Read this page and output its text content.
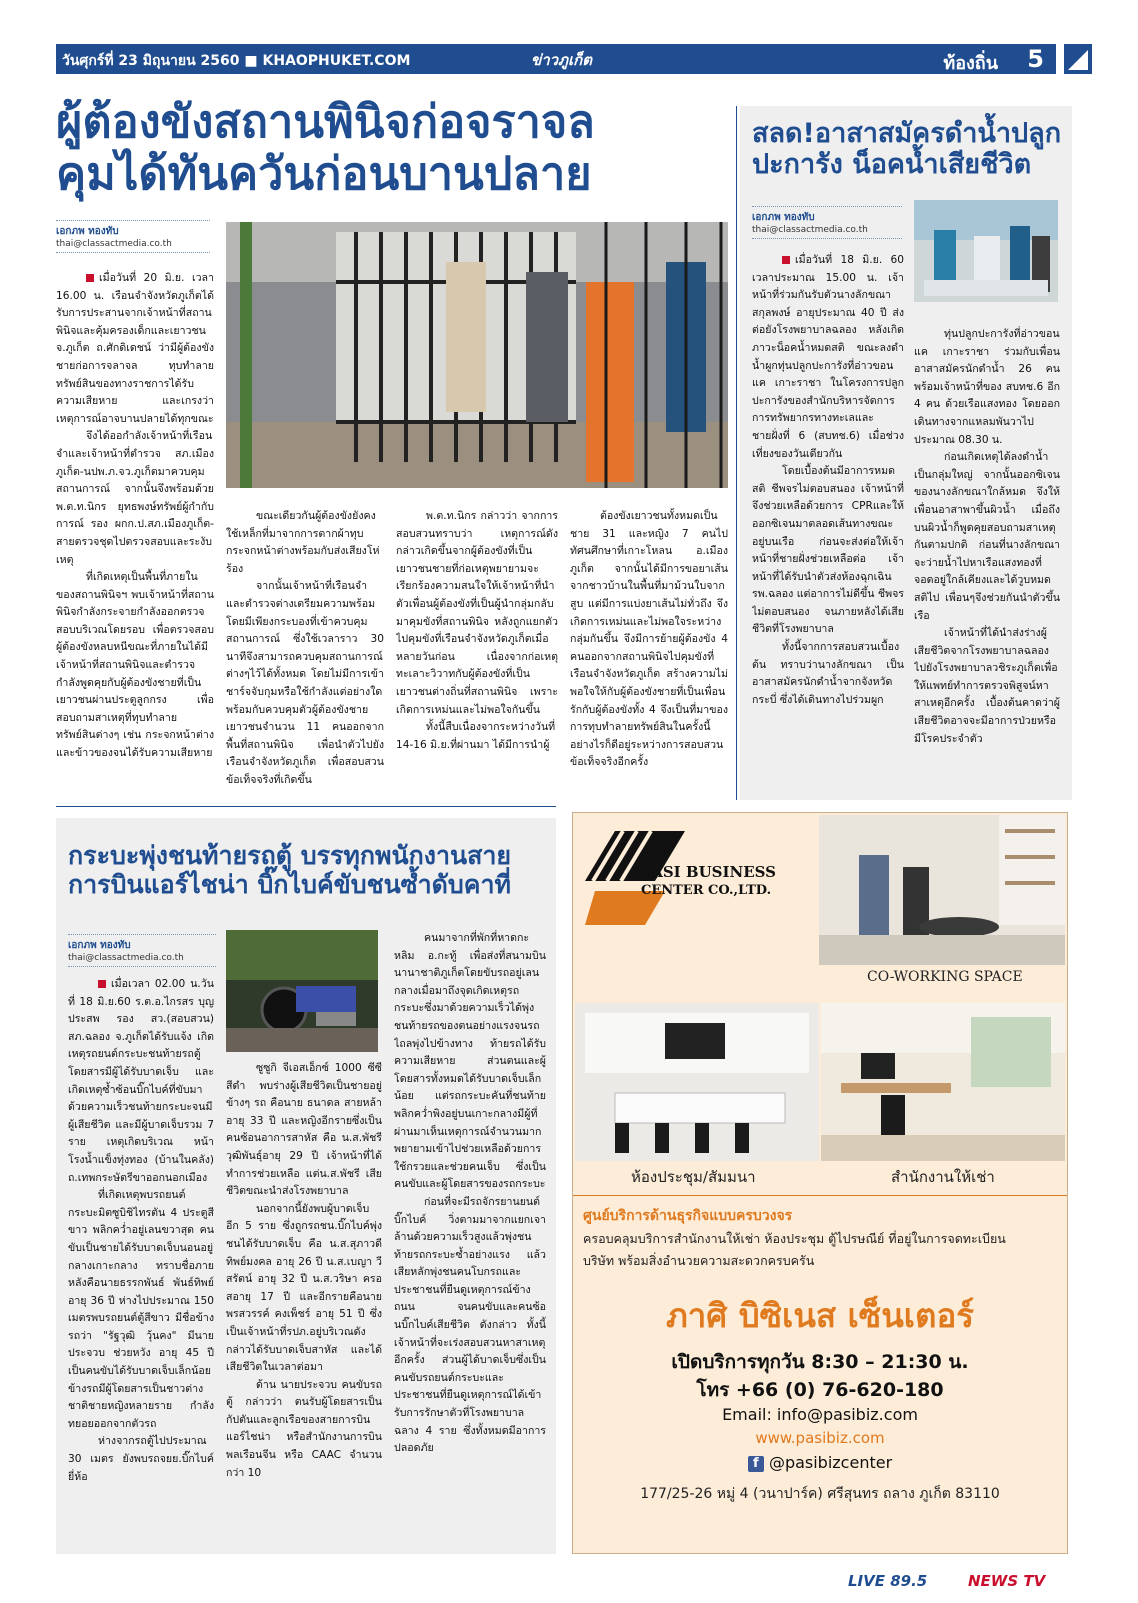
วันศุกร์ที่ 23 มิถุนายน 2560 ■ KHAOPHUKET.COM	ข่าวภูเก็ต	ท้องถิ่น 5
ผู้ต้องขังสถานพินิจก่อจราจล
คุมได้ทันควันก่อนบานปลาย
เอกภพ ทองทับ
thai@classactmedia.co.th

เมื่อวันที่ 20 มิ.ย. เวลา 16.00 น. เรือนจำจังหวัดภูเก็ตได้รับการประสานจากเจ้าหน้าที่สถานพินิจและคุ้มครองเด็กและเยาวชน จ.ภูเก็ต ถ.ศักดิเดชน์ ว่ามีผู้ต้องขังชายก่อการจลาจล ทุบทำลายทรัพย์สินของทางราชการได้รับความเสียหาย และเกรงว่าเหตุการณ์อาจบานปลายได้ทุกขณะ

จึงได้ออกำลังเจ้าหน้าที่เรือนจำและเจ้าหน้าที่ตำรวจ สภ.เมืองภูเก็ต-นปพ.ภ.จว.ภูเก็ตมาควบคุมสถานการณ์ จากนั้นจึงพร้อมด้วย พ.ต.ท.นิกร ยุทธพงษ์ทรัพย์ผู้กำกับการณ์ รอง ผกก.ป.สภ.เมืองภูเก็ต-สายตรวจชุดไปตรวจสอบและระงับเหตุ

ที่เกิดเหตุเป็นพื้นที่ภายในของสถานพินิจฯ พบเจ้าหน้าที่สถานพินิจกำลังกระจายกำลังออกตรวจสอบบริเวณโดยรอบ เพื่อตรวจสอบผู้ต้องขังหลบหนีขณะที่ภายในได้มีเจ้าหน้าที่สถานพินิจและตำรวจกำลังพูดคุยกับผู้ต้องขังชายที่เป็นเยาวชนผ่านประตูลูกกรง เพื่อสอบถามสาเหตุที่ทุบทำลายทรัพย์สินต่างๆ เช่น กระจกหน้าต่าง และข้าวของจนได้รับความเสียหาย

ขณะเดียวกันผู้ต้องขังยังคงใช้เหล็กที่มาจากการตากผ้าทุบกระจกหน้าต่างพร้อมกับส่งเสียงโห่ร้อง

จากนั้นเจ้าหน้าที่เรือนจำและตำรวจต่างเตรียมความพร้อมโดยมีเพียงกระบองที่เข้าควบคุมสถานการณ์ ซึ่งใช้เวลาราว 30 นาทีจึงสามารถควบคุมสถานการณ์ต่างๆไว้ได้ทั้งหมด โดยไม่มีการเข้าชาร์จจับกุมหรือใช้กำลังแต่อย่างใด พร้อมกับควบคุมตัวผู้ต้องขังชายเยาวชนจำนวน 11 คนออกจากพื้นที่สถานพินิจ เพื่อนำตัวไปยังเรือนจำจังหวัดภูเก็ต เพื่อสอบสวนข้อเท็จจริงที่เกิดขึ้น

พ.ต.ท.นิกร กล่าวว่า จากการสอบสวนทราบว่า เหตุการณ์ดังกล่าวเกิดขึ้นจากผู้ต้องขังที่เป็นเยาวชนชายที่ก่อเหตุพยายามจะเรียกร้องความสนใจให้เจ้าหน้าที่นำตัวเพื่อนผู้ต้องขังที่เป็นผู้นำกลุ่มกลับมาคุมขังที่สถานพินิจ หลังถูกแยกตัวไปคุมขังที่เรือนจำจังหวัดภูเก็ตเมื่อหลายวันก่อน เนื่องจากก่อเหตุทะเลาะวิวาทกับผู้ต้องขังที่เป็นเยาวชนต่างถิ่นที่สถานพินิจ เพราะเกิดการเหม่นและไม่พอใจกันขึ้น

ทั้งนี้สืบเนื่องจากระหว่างวันที่ 14-16 มิ.ย.ที่ผ่านมา ได้มีการนำผู้

ต้องขังเยาวชนทั้งหมดเป็นชาย 31 และหญิง 7 คนไปทัศนศึกษาที่เกาะโหลน อ.เมือง ภูเก็ต จากนั้นได้มีการขอยาเส้นจากชาวบ้านในพื้นที่มาม้วนใบจากสูบ แต่มีการแบ่งยาเส้นไม่ทั่วถึง จึงเกิดการเหม่นและไม่พอใจระหว่างกลุ่มกันขึ้น จึงมีการย้ายผู้ต้องขัง 4 คนออกจากสถานพินิจไปคุมขังที่เรือนจำจังหวัดภูเก็ต สร้างความไม่พอใจให้กับผู้ต้องขังชายที่เป็นเพื่อนรักกับผู้ต้องขังทั้ง 4 จึงเป็นที่มาของการทุบทำลายทรัพย์สินในครั้งนี้ อย่างไรก็ดีอยู่ระหว่างการสอบสวนข้อเท็จจริงอีกครั้ง

สลด!อาสาสมัครดำน้ำปลูก
ปะการัง น็อคน้ำเสียชีวิต
เอกภพ ทองทับ
thai@classactmedia.co.th

เมื่อวันที่ 18 มิ.ย. 60 เวลาประมาณ 15.00 น. เจ้าหน้าที่ร่วมกันรับตัวนางลักขณา สกุลพงษ์ อายุประมาณ 40 ปี ส่งต่อยังโรงพยาบาลฉลอง หลังเกิดภาวะน็อคน้ำหมดสติ ขณะลงดำน้ำผูกทุ่นปลูกปะการังที่อ่าวขอนแค เกาะราชา ในโครงการปลูกปะการังของสำนักบริหารจัดการการทรัพยากรทางทะเลและชายฝั่งที่ 6 (สบทช.6) เมื่อช่วงเที่ยงของวันเดียวกัน

โดยเบื้องต้นมีอาการหมดสติ ชีพจรไม่ตอบสนอง เจ้าหน้าที่จึงช่วยเหลือด้วยการ CPRและให้ออกซิเจนมาตลอดเส้นทางขณะอยู่บนเรือ ก่อนจะส่งต่อให้เจ้าหน้าที่ชายฝั่งช่วยเหลือต่อ เจ้าหน้าที่ได้รับนำตัวส่งห้องฉุกเฉินรพ.ฉลอง แต่อาการไม่ดีขึ้น ชีพจรไม่ตอบสนอง จนภายหลังได้เสียชีวิตที่โรงพยาบาล

ทั้งนี้จากการสอบสวนเบื้องต้น ทราบว่านางลักขณา เป็นอาสาสมัครนักดำน้ำจากจังหวัดกระบี่ ซึ่งได้เดินทางไปร่วมผูก

ทุ่นปลูกปะการังที่อ่าวขอนแค เกาะราชา ร่วมกับเพื่อนอาสาสมัครนักดำน้ำ 26 คน พร้อมเจ้าหน้าที่ของ สบทช.6 อีก 4 คน ด้วยเรือแสงทอง โดยออกเดินทางจากแหลมพันวาไป ประมาณ 08.30 น.

ก่อนเกิดเหตุได้ลงดำน้ำเป็นกลุ่มใหญ่ จากนั้นออกซิเจนของนางลักขณาใกล้หมด จึงให้เพื่อนอาสาพาขึ้นผิวน้ำ เมื่อถึงบนผิวน้ำก็พูดคุยสอบถามสาเหตุกันตามปกติ ก่อนที่นางลักขณา จะว่ายน้ำไปหาเรือแสงทองที่จอดอยู่ใกล้เคียงและได้วูบหมดสติไป เพื่อนๆจึงช่วยกันนำตัวขึ้นเรือ

เจ้าหน้าที่ได้นำส่งร่างผู้เสียชีวิตจากโรงพยาบาลฉลอง ไปยังโรงพยาบาลวชิระภูเก็ตเพื่อให้แพทย์ทำการตรวจพิสูจน์หาสาเหตุอีกครั้ง เบื้องต้นคาดว่าผู้เสียชีวิตอาจจะมีอาการป่วยหรือมีโรคประจำตัว

กระบะพุ่งชนท้ายรถตู้ บรรทุกพนักงานสาย
การบินแอร์ไชน่า บิ๊กไบค์ขับชนซ้ำดับคาที่
เอกภพ ทองทับ
thai@classactmedia.co.th

เมื่อเวลา 02.00 น.วันที่ 18 มิ.ย.60 ร.ต.อ.ไกรสร บุญประสพ รอง สว.(สอบสวน) สภ.ฉลอง จ.ภูเก็ตได้รับแจ้ง เกิดเหตุรถยนต์กระบะชนท้ายรถตู้ โดยสารมีผู้ได้รับบาดเจ็บ และเกิดเหตุซ้ำซ้อนบิ๊กไบค์ที่ขับมาด้วยความเร็วชนท้ายกระบะจนมีผู้เสียชีวิต และมีผู้บาดเจ็บรวม 7 ราย เหตุเกิดบริเวณ หน้าโรงน้ำแข็งทุ่งทอง (บ้านในคลัง) ถ.เทพกระษัตรีขาออกนอกเมือง

ที่เกิดเหตุพบรถยนต์กระบะมิตซูบิชิไทรตัน 4 ประตูสีขาว พลิกคว่ำอยู่เลนขวาสุด คนขับเป็นชายได้รับบาดเจ็บนอนอยู่กลางเกาะกลาง ทราบชื่อภายหลังคือนายธรรกพันธ์ พันธ์ทิพย์ อายุ 36 ปี ห่างไปประมาณ 150 เมตรพบรถยนต์ตู้สีขาว มีชื่อข้างรถว่า "รัฐวุฒิ วุ้นคง" มีนายประจวบ ช่วยหวัง อายุ 45 ปี เป็นคนขับได้รับบาดเจ็บเล็กน้อย ข้างรถมีผู้โดยสารเป็นชาวต่างชาติชายหญิงหลายราย กำลังทยอยออกจากตัวรถ

ห่างจากรถตู้ไปประมาณ 30 เมตร ยังพบรถจยย.บิ๊กไบค์ยี่ห้อ

ซูซูกิ จีเอสเอ็กซ์ 1000 ซีซี สีดำ พบร่างผู้เสียชีวิตเป็นชายอยู่ข้างๆ รถ คือนาย ธนาดล สายหล้า อายุ 33 ปี และหญิงอีกรายซึ่งเป็นคนซ้อนอาการสาหัส คือ น.ส.พัชรี วุฒิพันธุ์อายุ 29 ปี เจ้าหน้าที่ได้ทำการช่วยเหลือ แต่น.ส.พัชรี เสียชีวิตขณะนำส่งโรงพยาบาล

นอกจากนี้ยังพบผู้บาดเจ็บ อีก 5 ราย ซึ่งถูกรถชน.บิ๊กไบค์พุ่งชนได้รับบาดเจ็บ คือ น.ส.สุภาวดี ทิพย์มงคล อายุ 26 ปี น.ส.เบญา วีสรัตน์ อายุ 32 ปี น.ส.วริษา ครอสอายุ 17 ปี และอีกรายคือนายพรสวรรค์ คงเพ็ชร์ อายุ 51 ปี ซึ่งเป็นเจ้าหน้าที่รปภ.อยู่บริเวณดังกล่าวได้รับบาดเจ็บสาหัส และได้เสียชีวิตในเวลาต่อมา

ด้าน นายประจวบ คนขับรถตู้ กล่าวว่า ตนรับผู้โดยสารเป็นกัปตันและลูกเรือของสายการบินแอร์ไชน่า หรือสำนักงานการบินพลเรือนจีน หรือ CAAC จำนวนกว่า 10

คนมาจากที่พักที่หาดกะหลิม อ.กะทู้ เพื่อส่งที่สนามบินนานาชาติภูเก็ตโดยขับรถอยู่เลนกลางเมื่อมาถึงจุดเกิดเหตุรถกระบะซึ่งมาด้วยความเร็วได้พุ่งชนท้ายรถของตนอย่างแรงจนรถไถลพุ่งไปข้างทาง ท้ายรถได้รับความเสียหาย ส่วนตนและผู้โดยสารทั้งหมดได้รับบาดเจ็บเล็กน้อย แต่รถกระบะคันที่ชนท้ายพลิกคว่ำพิงอยู่บนเกาะกลางมีผู้ที่ผ่านมาเห็นเหตุการณ์จำนวนมากพยายามเข้าไปช่วยเหลือด้วยการใช้กรวยและช่วยคนเจ็บ ซึ่งเป็นคนขับและผู้โดยสารของรถกระบะ

ก่อนที่จะมีรถจักรยานยนต์บิ๊กไบค์ วิ่งตามมาจากแยกเจาล้านด้วยความเร็วสูงแล้วพุ่งชนท้ายรถกระบะซ้ำอย่างแรง แล้วเสียหลักพุ่งชนคนโบกรถและประชาชนที่ยืนดูเหตุการณ์ข้างถนน จนคนขับและคนซ้อนบิ๊กไบค์เสียชีวิต ดังกล่าว ทั้งนี้เจ้าหน้าที่จะเร่งสอบสวนหาสาเหตุอีกครั้ง ส่วนผู้ได้บาดเจ็บซึ่งเป็นคนขับรถยนต์กระบะและประชาชนที่ยืนดูเหตุการณ์ได้เข้ารับการรักษาตัวที่โรงพยาบาลฉลาง 4 ราย ซึ่งทั้งหมดมีอาการปลอดภัย

PASI BUSINESS
CENTER CO.,LTD.
CO-WORKING SPACE
ห้องประชุม/สัมมนา	สำนักงานให้เช่า
ศูนย์บริการด้านธุรกิจแบบครบวงจร
ครอบคลุมบริการสำนักงานให้เช่า ห้องประชุม ตู้ไปรษณีย์ ที่อยู่ในการจดทะเบียน
บริษัท พร้อมสิ่งอำนวยความสะดวกครบครัน
ภาศิ บิซิเนส เซ็นเตอร์
เปิดบริการทุกวัน 8:30 – 21:30 น.
โทร +66 (0) 76-620-180
Email: info@pasibiz.com
www.pasibiz.com
f @pasibizcenter
177/25-26 หมู่ 4 (วนาปาร์ค) ศรีสุนทร ถลาง ภูเก็ต 83110
LIVE 89.5	NEWS TV
